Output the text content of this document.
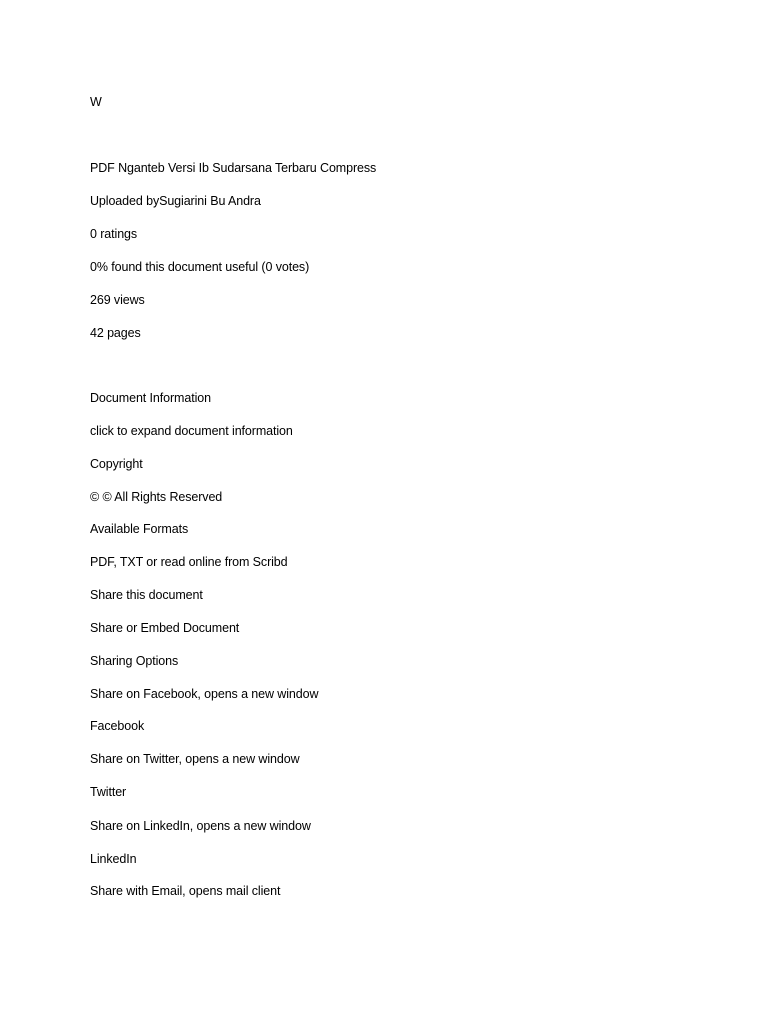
W
PDF Nganteb Versi Ib Sudarsana Terbaru Compress
Uploaded bySugiarini Bu Andra
0 ratings
0% found this document useful (0 votes)
269 views
42 pages
Document Information
click to expand document information
Copyright
© © All Rights Reserved
Available Formats
PDF, TXT or read online from Scribd
Share this document
Share or Embed Document
Sharing Options
Share on Facebook, opens a new window
Facebook
Share on Twitter, opens a new window
Twitter
Share on LinkedIn, opens a new window
LinkedIn
Share with Email, opens mail client
